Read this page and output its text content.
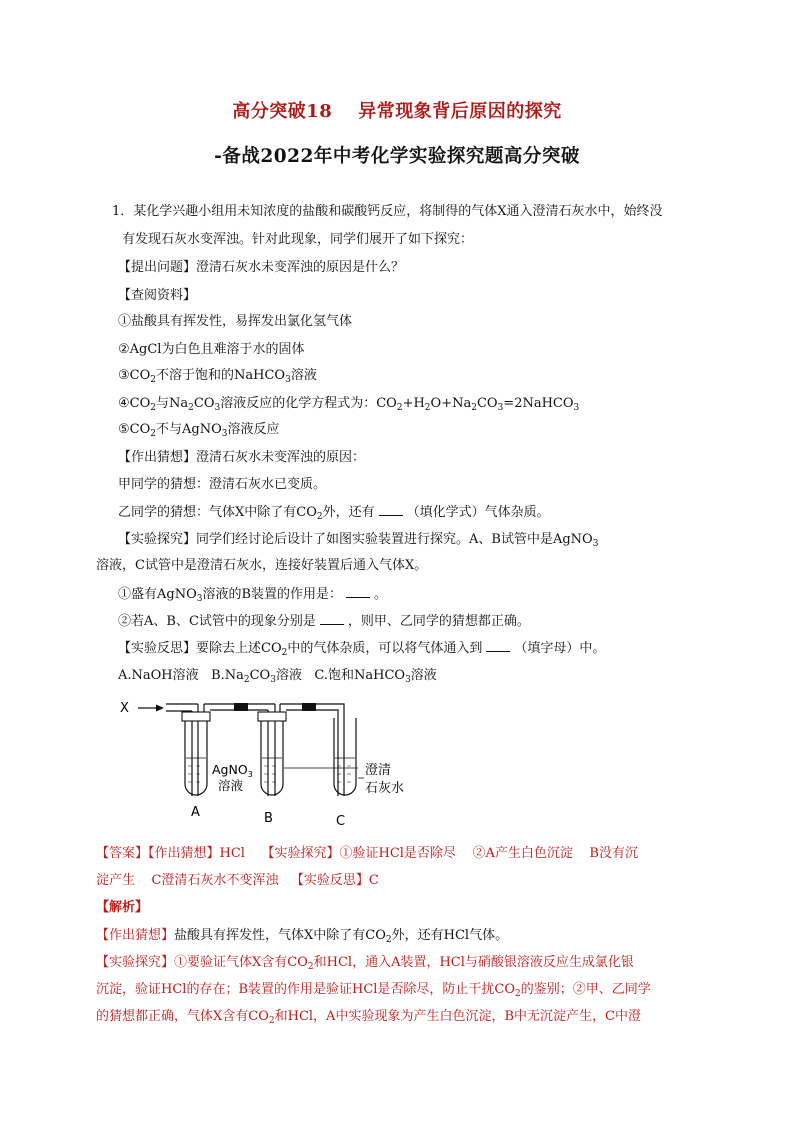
高分突破18 异常现象背后原因的探究
-备战2022年中考化学实验探究题高分突破
1．某化学兴趣小组用未知浓度的盐酸和碳酸钙反应，将制得的气体X通入澄清石灰水中，始终没
有发现石灰水变浑浊。针对此现象，同学们展开了如下探究：
【提出问题】澄清石灰水未变浑浊的原因是什么？
【查阅资料】
①盐酸具有挥发性，易挥发出氯化氢气体
②AgCl为白色且难溶于水的固体
$③CO_2$不溶于饱和的NaHCO$_3$溶液
$④CO_2$与$Na_2CO_3$溶液反应的化学方程式为：$CO_2+H_2O+Na_2CO_3=2NaHCO_3$
$⑤CO_2$不与AgNO$_3$溶液反应
【作出猜想】澄清石灰水未变浑浊的原因：
甲同学的猜想：澄清石灰水已变质。
乙同学的猜想：气体X中除了有$CO_2$外，还有 （填化学式）气体杂质。
【实验探究】同学们经讨论后设计了如图实验装置进行探究。A、B试管中是AgNO$_3$
溶液，C试管中是澄清石灰水，连接好装置后通入气体X。
①盛有AgNO$_3$溶液的B装置的作用是： 。
②若A、B、C试管中的现象分别是 ，则甲、乙同学的猜想都正确。
【实验反思】要除去上述$CO_2$中的气体杂质，可以将气体通入到 （填字母）中。
A.NaOH溶液 $B.Na_2CO_3$溶液 C.饱和NaHCO$_3$溶液
X
AgNO$_3$
溶液
澄清
石灰水
A	B	C
【答案】【作出猜想】HCl 【实验探究】①验证HCl是否除尽 ②A产生白色沉淀 B没有沉
淀产生 C澄清石灰水不变浑浊 【实验反思】C
【解析】
【作出猜想】盐酸具有挥发性，气体X中除了有$CO_2$外，还有HCl气体。
【实验探究】①要验证气体X含有$CO_2$和HCl，通入A装置，HCl与硝酸银溶液反应生成氯化银
沉淀，验证HCl的存在；B装置的作用是验证HCl是否除尽，防止干扰$CO_2$的鉴别；②甲、乙同学
的猜想都正确，气体X含有$CO_2$和HCl，A中实验现象为产生白色沉淀，B中无沉淀产生，C中澄
